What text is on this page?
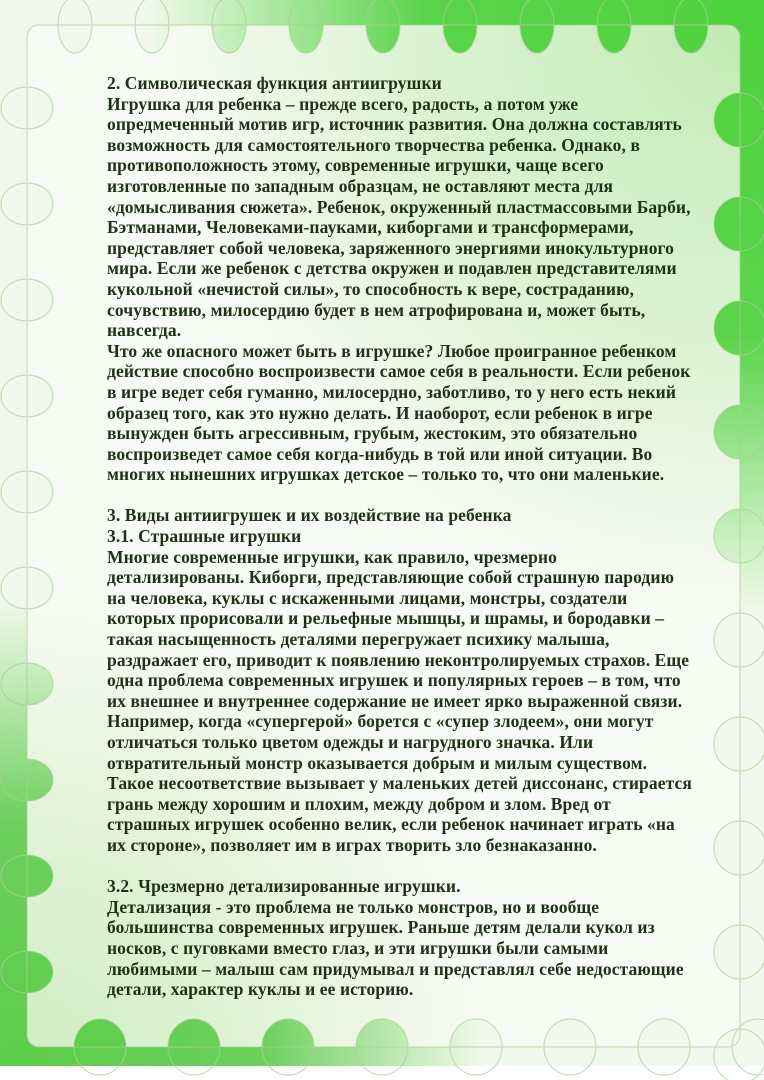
2. Символическая функция антиигрушки
Игрушка для ребенка – прежде всего, радость, а потом уже
опредмеченный мотив игр, источник развития. Она должна составлять
возможность для самостоятельного творчества ребенка. Однако, в
противоположность этому, современные игрушки, чаще всего
изготовленные по западным образцам, не оставляют места для
«домысливания сюжета». Ребенок, окруженный пластмассовыми Барби,
Бэтманами, Человеками-пауками, киборгами и трансформерами,
представляет собой человека, заряженного энергиями инокультурного
мира. Если же ребенок с детства окружен и подавлен представителями
кукольной «нечистой силы», то способность к вере, состраданию,
сочувствию, милосердию будет в нем атрофирована и, может быть,
навсегда.
Что же опасного может быть в игрушке? Любое проигранное ребенком
действие способно воспроизвести самое себя в реальности. Если ребенок
в игре ведет себя гуманно, милосердно, заботливо, то у него есть некий
образец того, как это нужно делать. И наоборот, если ребенок в игре
вынужден быть агрессивным, грубым, жестоким, это обязательно
воспроизведет самое себя когда-нибудь в той или иной ситуации. Во
многих нынешних игрушках детское – только то, что они маленькие.
3. Виды антиигрушек и их воздействие на ребенка
3.1. Страшные игрушки
Многие современные игрушки, как правило, чрезмерно
детализированы. Киборги, представляющие собой страшную пародию
на человека, куклы с искаженными лицами, монстры, создатели
которых прорисовали и рельефные мышцы, и шрамы, и бородавки –
такая насыщенность деталями перегружает психику малыша,
раздражает его, приводит к появлению неконтролируемых страхов. Еще
одна проблема современных игрушек и популярных героев – в том, что
их внешнее и внутреннее содержание не имеет ярко выраженной связи.
Например, когда «супергерой» борется с «супер злодеем», они могут
отличаться только цветом одежды и нагрудного значка. Или
отвратительный монстр оказывается добрым и милым существом.
Такое несоответствие вызывает у маленьких детей диссонанс, стирается
грань между хорошим и плохим, между добром и злом. Вред от
страшных игрушек особенно велик, если ребенок начинает играть «на
их стороне», позволяет им в играх творить зло безнаказанно.
3.2. Чрезмерно детализированные игрушки.
Детализация - это проблема не только монстров, но и вообще
большинства современных игрушек. Раньше детям делали кукол из
носков, с пуговками вместо глаз, и эти игрушки были самыми
любимыми – малыш сам придумывал и представлял себе недостающие
детали, характер куклы и ее историю.
